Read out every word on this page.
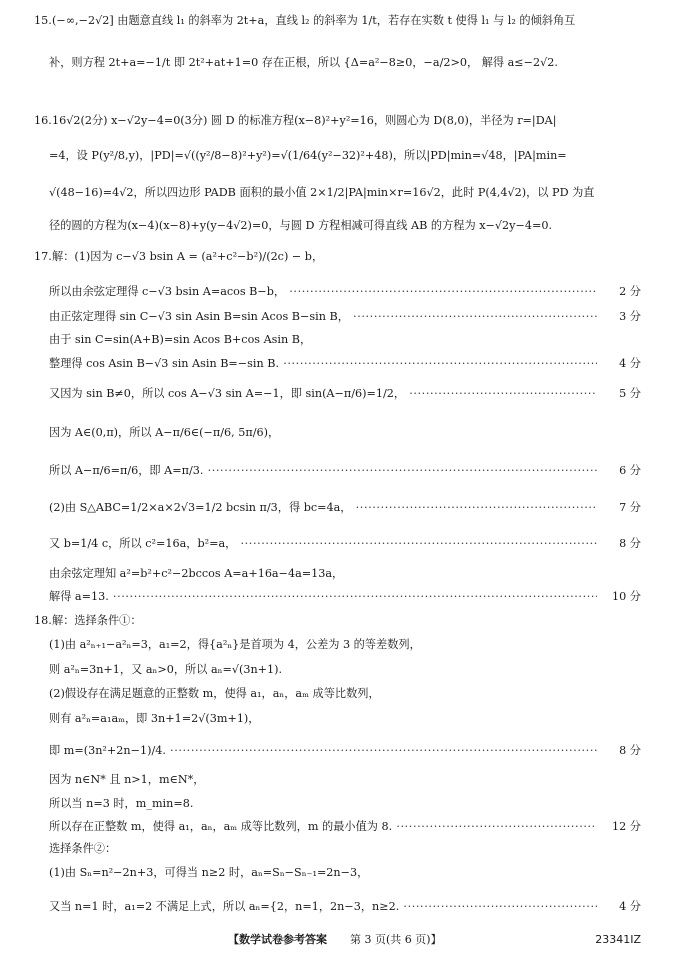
15. (−∞,−2√2] 由题意直线 l₁ 的斜率为 2t+a，直线 l₂ 的斜率为 1/t，若存在实数 t 使得 l₁ 与 l₂ 的倾斜角互
补，则方程 2t+a=−1/t 即 2t²+at+1=0 存在正根，所以 {Δ=a²−8≥0，−a/2>0， 解得 a≤−2√2.
16. 16√2(2分) x−√2y−4=0(3分) 圆 D 的标准方程(x−8)²+y²=16，则圆心为 D(8,0)，半径为 r=|DA|
=4，设 P(y²/8,y)，|PD|=√((y²/8−8)²+y²)=√(1/64(y²−32)²+48)，所以|PD|min=√48，|PA|min=
√(48−16)=4√2，所以四边形 PADB 面积的最小值 2×1/2|PA|min×r=16√2，此时 P(4,4√2)，以 PD 为直
径的圆的方程为(x−4)(x−8)+y(y−4√2)=0，与圆 D 方程相减可得直线 AB 的方程为 x−√2y−4=0.
17. 解：(1)因为 c−√3 bsin A = (a²+c²−b²)/(2c) − b，
所以由余弦定理得 c−√3 bsin A=acos B−b， ·····	2 分
由正弦定理得 sin C−√3 sin Asin B=sin Acos B−sin B， ·····	3 分
由于 sin C=sin(A+B)=sin Acos B+cos Asin B，
整理得 cos Asin B−√3 sin Asin B=−sin B. ·····	4 分
又因为 sin B≠0，所以 cos A−√3 sin A=−1，即 sin(A−π/6)=1/2， ·····	5 分
因为 A∈(0,π)，所以 A−π/6∈(−π/6, 5π/6)，
所以 A−π/6=π/6，即 A=π/3. ·····	6 分
(2)由 S△ABC=1/2×a×2√3=1/2 bcsin π/3，得 bc=4a， ·····	7 分
又 b=1/4 c，所以 c²=16a，b²=a， ·····	8 分
由余弦定理知 a²=b²+c²−2bccos A=a+16a−4a=13a，
解得 a=13. ·····	10 分
18. 解：选择条件①：
(1)由 a²ₙ₊₁−a²ₙ=3，a₁=2，得{a²ₙ}是首项为 4，公差为 3 的等差数列，
则 a²ₙ=3n+1，又 aₙ>0，所以 aₙ=√(3n+1).
(2)假设存在满足题意的正整数 m，使得 a₁，aₙ，aₘ 成等比数列，
则有 a²ₙ=a₁aₘ，即 3n+1=2√(3m+1)，
即 m=(3n²+2n−1)/4. ·····	8 分
因为 n∈N* 且 n>1，m∈N*，
所以当 n=3 时，m_min=8.
所以存在正整数 m，使得 a₁，aₙ，aₘ 成等比数列，m 的最小值为 8. ·····	12 分
选择条件②：
(1)由 Sₙ=n²−2n+3，可得当 n≥2 时，aₙ=Sₙ−Sₙ₋₁=2n−3，
又当 n=1 时，a₁=2 不满足上式，所以 aₙ={2，n=1，2n−3，n≥2. ·····	4 分
【数学试卷参考答案 第 3 页(共 6 页)】	23341IZ
